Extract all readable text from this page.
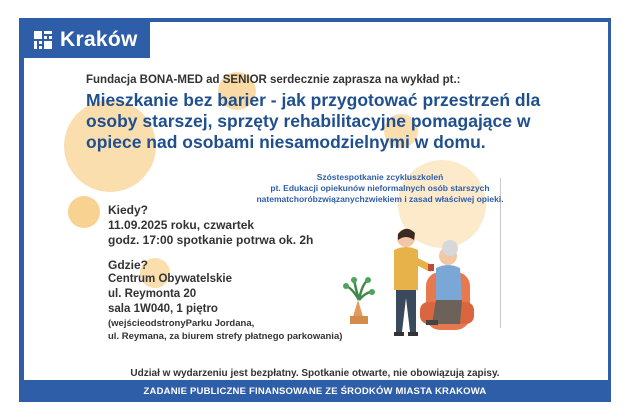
Kraków

Fundacja BONA-MED ad SENIOR serdecznie zaprasza na wykład pt.:

Mieszkanie bez barier - jak przygotować przestrzeń dla osoby starszej, sprzęty rehabilitacyjne pomagające w opiece nad osobami niesamodzielnymi w domu.

Szóstespotkanie zcykluszkoleń
pt. Edukacji opiekunów nieformalnych osób starszych
natematchorób​związanychzwiekiem i zasad właściwej opieki.

Kiedy?

11.09.2025 roku, czwartek

godz. 17:00 spotkanie potrwa ok. 2h

Gdzie?

Centrum Obywatelskie

ul. Reymonta 20

sala 1W040, 1 piętro

(wejściеodstronyParku Jordana,

ul. Reymana, za biurem strefy płatnego parkowania)

Udział w wydarzeniu jest bezpłatny. Spotkanie otwarte, nie obowiązują zapisy.

ZADANIE PUBLICZNE FINANSOWANE ZE ŚRODKÓW MIASTA KRAKOWA
